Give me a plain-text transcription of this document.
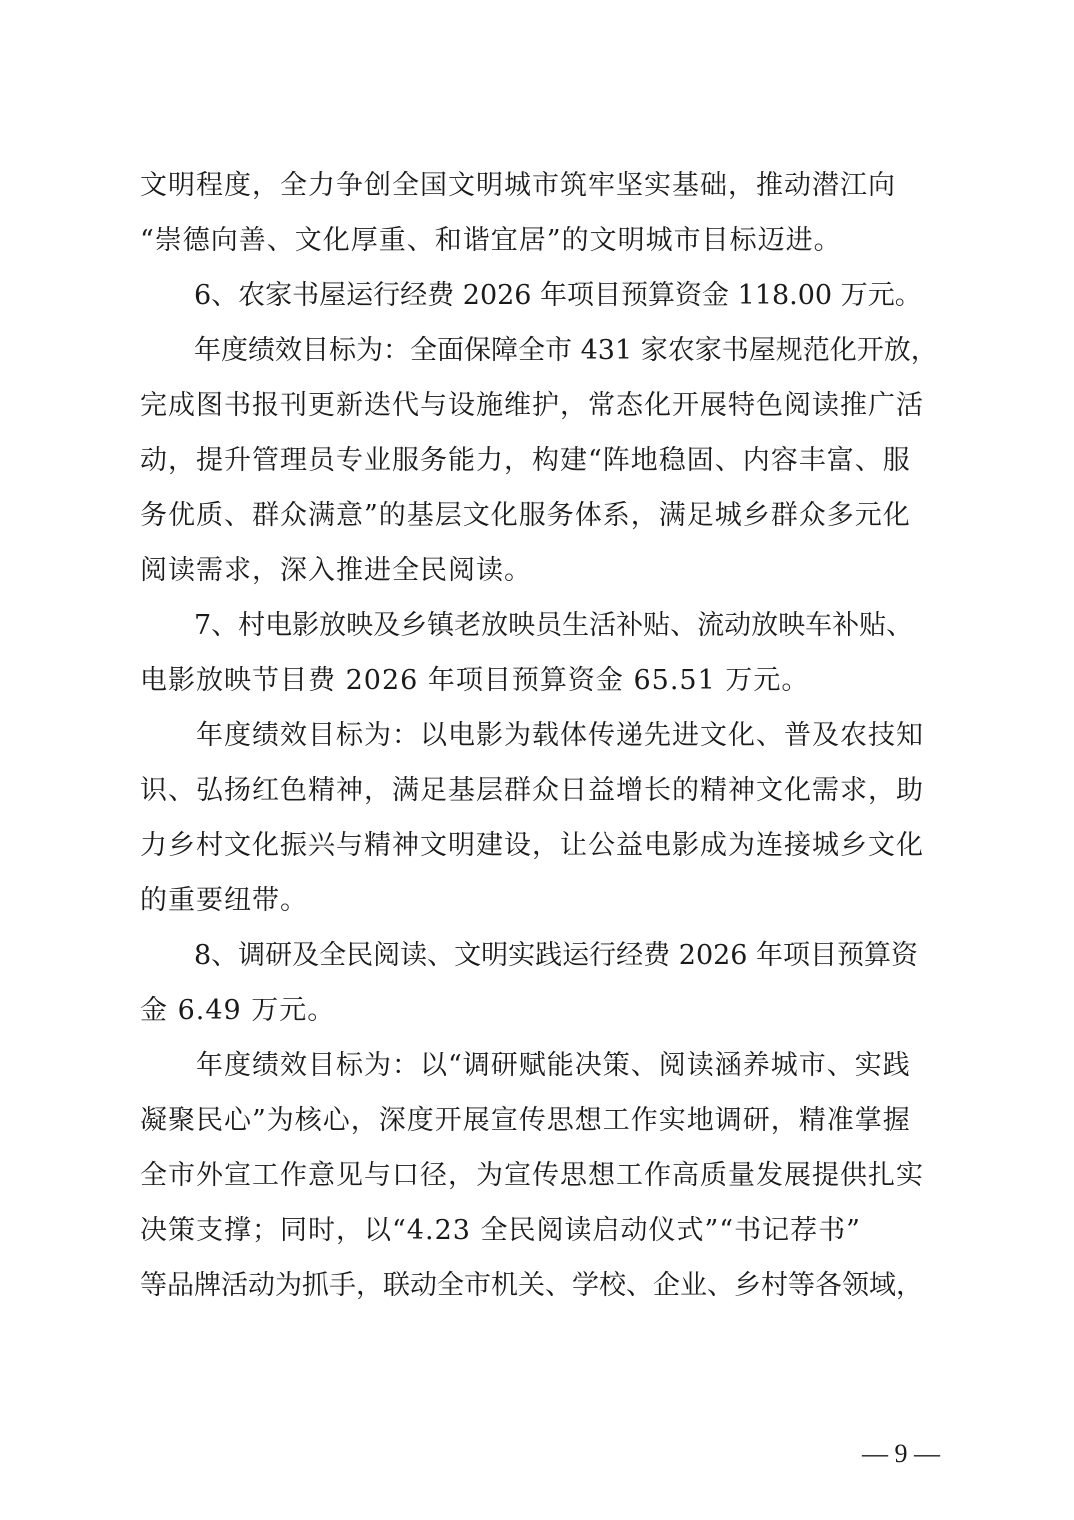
文明程度，全力争创全国文明城市筑牢坚实基础，推动潜江向
“崇德向善、文化厚重、和谐宜居”的文明城市目标迈进。
　　6、农家书屋运行经费 2026 年项目预算资金 118.00 万元。
　　年度绩效目标为：全面保障全市 431 家农家书屋规范化开放，
完成图书报刊更新迭代与设施维护，常态化开展特色阅读推广活
动，提升管理员专业服务能力，构建“阵地稳固、内容丰富、服
务优质、群众满意”的基层文化服务体系，满足城乡群众多元化
阅读需求，深入推进全民阅读。
　　7、村电影放映及乡镇老放映员生活补贴、流动放映车补贴、
电影放映节目费 2026 年项目预算资金 65.51 万元。
　　年度绩效目标为：以电影为载体传递先进文化、普及农技知
识、弘扬红色精神，满足基层群众日益增长的精神文化需求，助
力乡村文化振兴与精神文明建设，让公益电影成为连接城乡文化
的重要纽带。
　　8、调研及全民阅读、文明实践运行经费 2026 年项目预算资
金 6.49 万元。
　　年度绩效目标为：以“调研赋能决策、阅读涵养城市、实践
凝聚民心”为核心，深度开展宣传思想工作实地调研，精准掌握
全市外宣工作意见与口径，为宣传思想工作高质量发展提供扎实
决策支撑；同时，以“4.23 全民阅读启动仪式”“书记荐书”
等品牌活动为抓手，联动全市机关、学校、企业、乡村等各领域，
— 9 —
